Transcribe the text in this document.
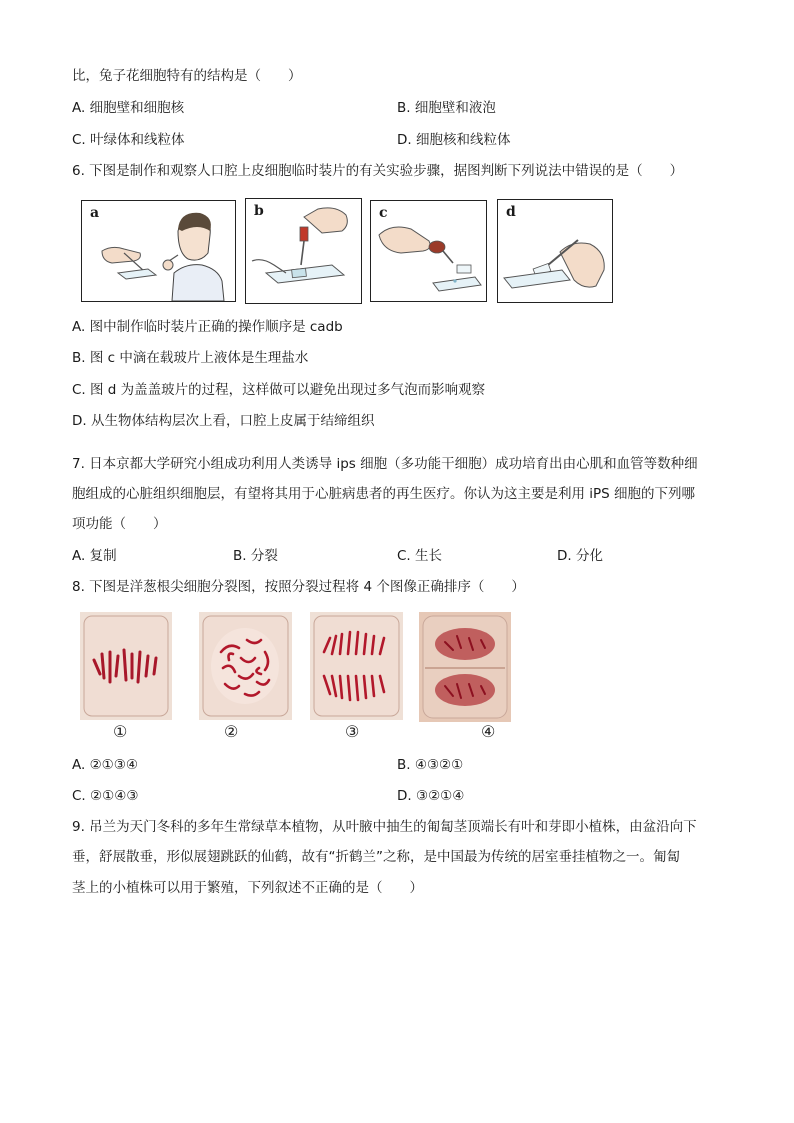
比，兔子花细胞特有的结构是（　　）
A. 细胞壁和细胞核	B. 细胞壁和液泡
C. 叶绿体和线粒体	D. 细胞核和线粒体
6. 下图是制作和观察人口腔上皮细胞临时装片的有关实验步骤，据图判断下列说法中错误的是（　　）
a	b	c	d
A. 图中制作临时装片正确的操作顺序是 cadb
B. 图 c 中滴在载玻片上液体是生理盐水
C. 图 d 为盖盖玻片的过程，这样做可以避免出现过多气泡而影响观察
D. 从生物体结构层次上看，口腔上皮属于结缔组织
7. 日本京都大学研究小组成功利用人类诱导 ips 细胞（多功能干细胞）成功培育出由心肌和血管等数种细
胞组成的心脏组织细胞层，有望将其用于心脏病患者的再生医疗。你认为这主要是利用 iPS 细胞的下列哪
项功能（　　）
A. 复制	B. 分裂	C. 生长	D. 分化
8. 下图是洋葱根尖细胞分裂图，按照分裂过程将 4 个图像正确排序（　　）
①	②	③	④
A. ②①③④	B. ④③②①
C. ②①④③	D. ③②①④
9. 吊兰为天门冬科的多年生常绿草本植物，从叶腋中抽生的匍匐茎顶端长有叶和芽即小植株，由盆沿向下
垂，舒展散垂，形似展翅跳跃的仙鹤，故有“折鹤兰”之称，是中国最为传统的居室垂挂植物之一。匍匐
茎上的小植株可以用于繁殖，下列叙述不正确的是（　　）
